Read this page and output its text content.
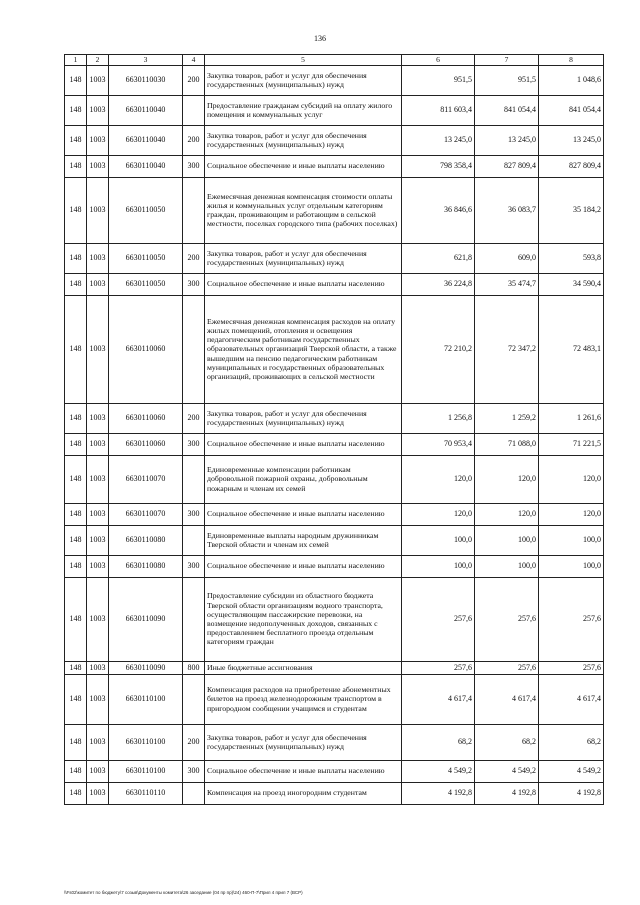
136
1	2	3	4	5	6	7	8
148	1003	6630110030	200	Закупка товаров, работ и услуг для обеспечения государственных (муниципальных) нужд	951,5	951,5	1 048,6
148	1003	6630110040		Предоставление гражданам субсидий на оплату жилого помещения и коммунальных услуг	811 603,4	841 054,4	841 054,4
148	1003	6630110040	200	Закупка товаров, работ и услуг для обеспечения государственных (муниципальных) нужд	13 245,0	13 245,0	13 245,0
148	1003	6630110040	300	Социальное обеспечение и иные выплаты населению	798 358,4	827 809,4	827 809,4
148	1003	6630110050		Ежемесячная денежная компенсация стоимости оплаты жилья и коммунальных услуг отдельным категориям граждан, проживающим и работающим в сельской местности, поселках городского типа (рабочих поселках)	36 846,6	36 083,7	35 184,2
148	1003	6630110050	200	Закупка товаров, работ и услуг для обеспечения государственных (муниципальных) нужд	621,8	609,0	593,8
148	1003	6630110050	300	Социальное обеспечение и иные выплаты населению	36 224,8	35 474,7	34 590,4
148	1003	6630110060		Ежемесячная денежная компенсация расходов на оплату жилых помещений, отопления и освещения педагогическим работникам государственных образовательных организаций Тверской области, а также вышедшим на пенсию педагогическим работникам муниципальных и государственных образовательных организаций, проживающих в сельской местности	72 210,2	72 347,2	72 483,1
148	1003	6630110060	200	Закупка товаров, работ и услуг для обеспечения государственных (муниципальных) нужд	1 256,8	1 259,2	1 261,6
148	1003	6630110060	300	Социальное обеспечение и иные выплаты населению	70 953,4	71 088,0	71 221,5
148	1003	6630110070		Единовременные компенсации работникам добровольной пожарной охраны, добровольным пожарным и членам их семей	120,0	120,0	120,0
148	1003	6630110070	300	Социальное обеспечение и иные выплаты населению	120,0	120,0	120,0
148	1003	6630110080		Единовременные выплаты народным дружинникам Тверской области и членам их семей	100,0	100,0	100,0
148	1003	6630110080	300	Социальное обеспечение и иные выплаты населению	100,0	100,0	100,0
148	1003	6630110090		Предоставление субсидии из областного бюджета Тверской области организациям водного транспорта, осуществляющим пассажирские перевозки, на возмещение недополученных доходов, связанных с предоставлением бесплатного проезда отдельным категориям граждан	257,6	257,6	257,6
148	1003	6630110090	800	Иные бюджетные ассигнования	257,6	257,6	257,6
148	1003	6630110100		Компенсация расходов на приобретение абонементных билетов на проезд железнодорожным транспортом в пригородном сообщении учащимся и студентам	4 617,4	4 617,4	4 617,4
148	1003	6630110100	200	Закупка товаров, работ и услуг для обеспечения государственных (муниципальных) нужд	68,2	68,2	68,2
148	1003	6630110100	300	Социальное обеспечение и иные выплаты населению	4 549,2	4 549,2	4 549,2
148	1003	6630110110		Компенсация на проезд иногородним студентам	4 192,8	4 192,8	4 192,8
\\Fs02\комитет по бюджету\7 созыв\Документы комитета\26 заседание (04 пр пр)\24) 460-П-7\Прил 4 прил 7 (ВСР)
